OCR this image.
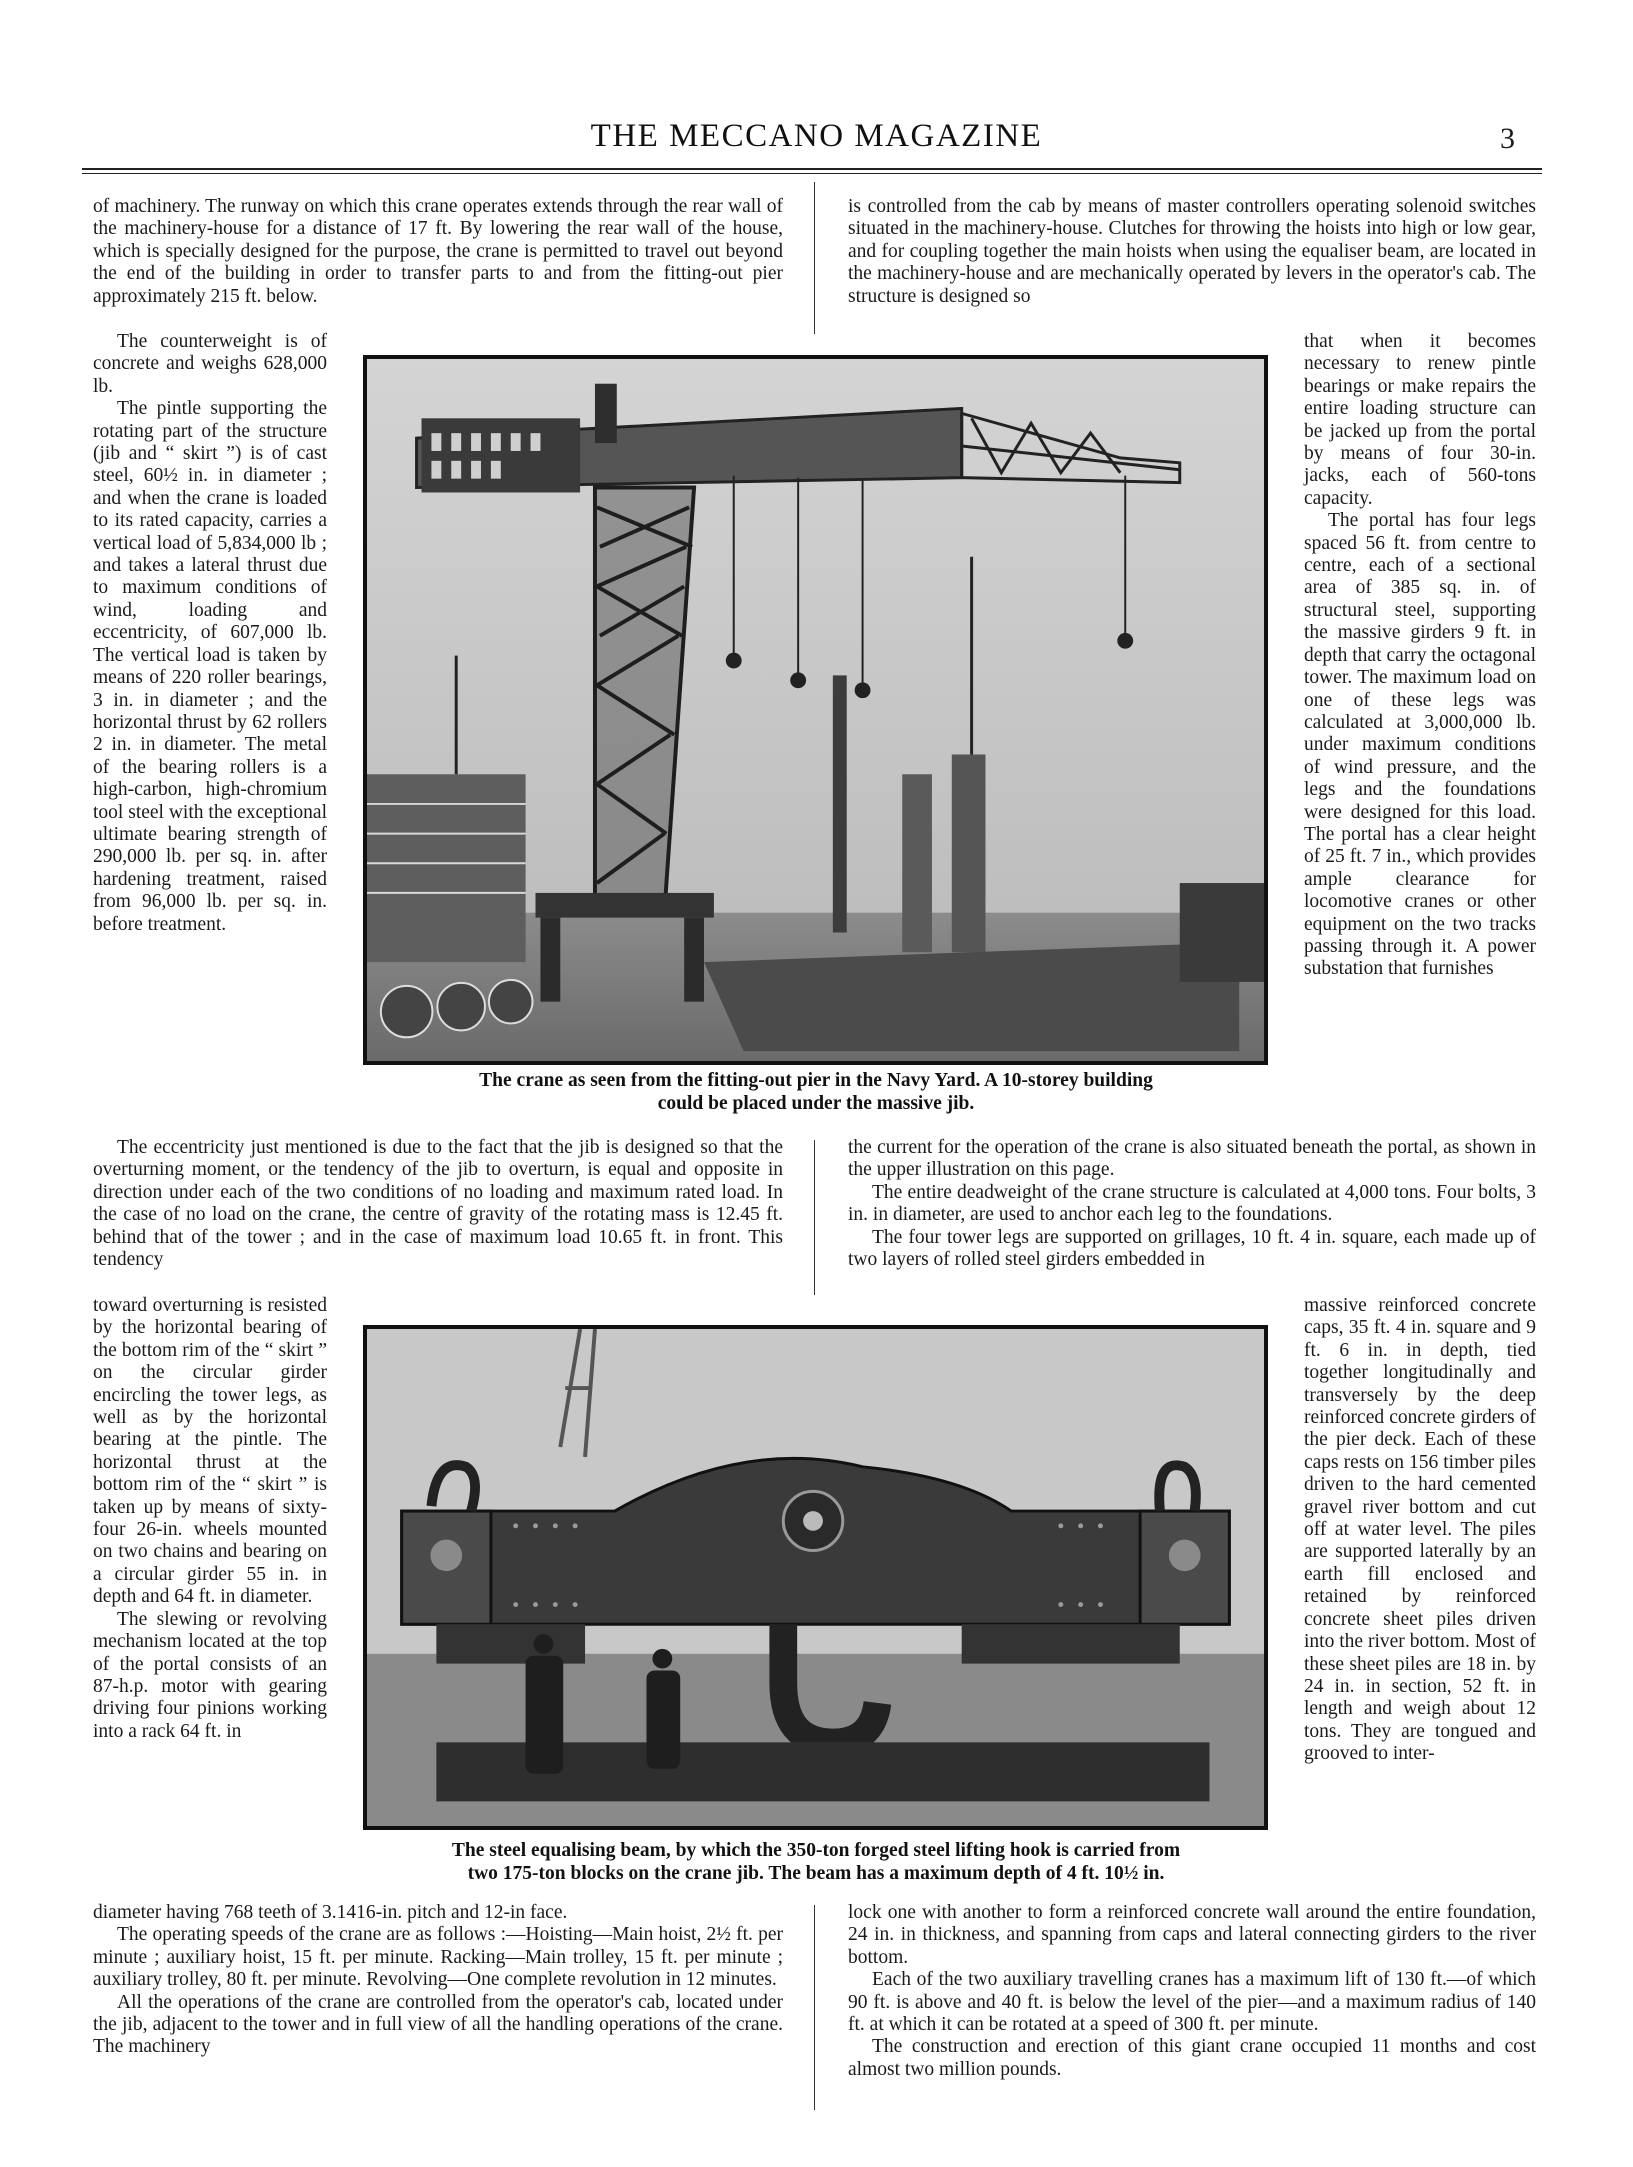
THE MECCANO MAGAZINE	3

of machinery. The runway on which this crane operates extends through the rear wall of the machinery-house for a distance of 17 ft. By lowering the rear wall of the house, which is specially designed for the purpose, the crane is permitted to travel out beyond the end of the building in order to transfer parts to and from the fitting-out pier approximately 215 ft. below.

is controlled from the cab by means of master controllers operating solenoid switches situated in the machinery-house. Clutches for throwing the hoists into high or low gear, and for coupling together the main hoists when using the equaliser beam, are located in the machinery-house and are mechanically operated by levers in the operator's cab. The structure is designed so

The counterweight is of concrete and weighs 628,000 lb.

The pintle supporting the rotating part of the structure (jib and “ skirt ”) is of cast steel, 60½ in. in diameter ; and when the crane is loaded to its rated capacity, carries a vertical load of 5,834,000 lb ; and takes a lateral thrust due to maximum conditions of wind, loading and eccentricity, of 607,000 lb. The vertical load is taken by means of 220 roller bearings, 3 in. in diameter ; and the horizontal thrust by 62 rollers 2 in. in diameter. The metal of the bearing rollers is a high-carbon, high-chromium tool steel with the exceptional ultimate bearing strength of 290,000 lb. per sq. in. after hardening treatment, raised from 96,000 lb. per sq. in. before treatment.

that when it becomes necessary to renew pintle bearings or make repairs the entire loading structure can be jacked up from the portal by means of four 30-in. jacks, each of 560-tons capacity.

The portal has four legs spaced 56 ft. from centre to centre, each of a sectional area of 385 sq. in. of structural steel, supporting the massive girders 9 ft. in depth that carry the octagonal tower. The maximum load on one of these legs was calculated at 3,000,000 lb. under maximum conditions of wind pressure, and the legs and the foundations were designed for this load. The portal has a clear height of 25 ft. 7 in., which provides ample clearance for locomotive cranes or other equipment on the two tracks passing through it. A power substation that furnishes

The crane as seen from the fitting-out pier in the Navy Yard. A 10-storey building
could be placed under the massive jib.

The eccentricity just mentioned is due to the fact that the jib is designed so that the overturning moment, or the tendency of the jib to overturn, is equal and opposite in direction under each of the two conditions of no loading and maximum rated load. In the case of no load on the crane, the centre of gravity of the rotating mass is 12.45 ft. behind that of the tower ; and in the case of maximum load 10.65 ft. in front. This tendency

the current for the operation of the crane is also situated beneath the portal, as shown in the upper illustration on this page.

The entire deadweight of the crane structure is calculated at 4,000 tons. Four bolts, 3 in. in diameter, are used to anchor each leg to the foundations.

The four tower legs are supported on grillages, 10 ft. 4 in. square, each made up of two layers of rolled steel girders embedded in

toward overturning is resisted by the horizontal bearing of the bottom rim of the “ skirt ” on the circular girder encircling the tower legs, as well as by the horizontal bearing at the pintle. The horizontal thrust at the bottom rim of the “ skirt ” is taken up by means of sixty-four 26-in. wheels mounted on two chains and bearing on a circular girder 55 in. in depth and 64 ft. in diameter.

The slewing or revolving mechanism located at the top of the portal consists of an 87-h.p. motor with gearing driving four pinions working into a rack 64 ft. in

massive reinforced concrete caps, 35 ft. 4 in. square and 9 ft. 6 in. in depth, tied together longitudinally and transversely by the deep reinforced concrete girders of the pier deck. Each of these caps rests on 156 timber piles driven to the hard cemented gravel river bottom and cut off at water level. The piles are supported laterally by an earth fill enclosed and retained by reinforced concrete sheet piles driven into the river bottom. Most of these sheet piles are 18 in. by 24 in. in section, 52 ft. in length and weigh about 12 tons. They are tongued and grooved to inter-

The steel equalising beam, by which the 350-ton forged steel lifting hook is carried from
two 175-ton blocks on the crane jib. The beam has a maximum depth of 4 ft. 10½ in.

diameter having 768 teeth of 3.1416-in. pitch and 12-in face.

The operating speeds of the crane are as follows :—Hoisting—Main hoist, 2½ ft. per minute ; auxiliary hoist, 15 ft. per minute. Racking—Main trolley, 15 ft. per minute ; auxiliary trolley, 80 ft. per minute. Revolving—One complete revolution in 12 minutes.

All the operations of the crane are controlled from the operator's cab, located under the jib, adjacent to the tower and in full view of all the handling operations of the crane. The machinery

lock one with another to form a reinforced concrete wall around the entire foundation, 24 in. in thickness, and spanning from caps and lateral connecting girders to the river bottom.

Each of the two auxiliary travelling cranes has a maximum lift of 130 ft.—of which 90 ft. is above and 40 ft. is below the level of the pier—and a maximum radius of 140 ft. at which it can be rotated at a speed of 300 ft. per minute.

The construction and erection of this giant crane occupied 11 months and cost almost two million pounds.
